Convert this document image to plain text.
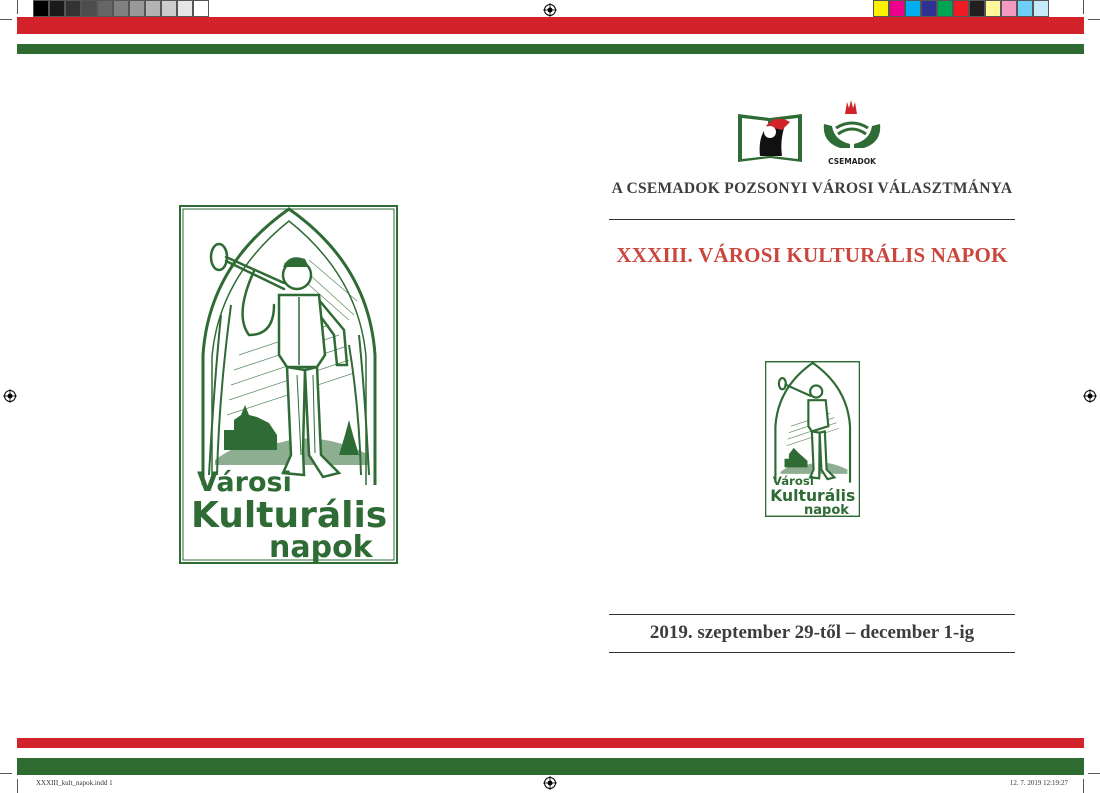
Városi
Kulturális
napok
CSEMADOK
A CSEMADOK POZSONYI VÁROSI VÁLASZTMÁNYA
XXXIII. VÁROSI KULTURÁLIS NAPOK
Városi
Kulturális
napok
2019. szeptember 29-től – december 1-ig
XXXIII_kult_napok.indd 1	12. 7. 2019 12:19:27
